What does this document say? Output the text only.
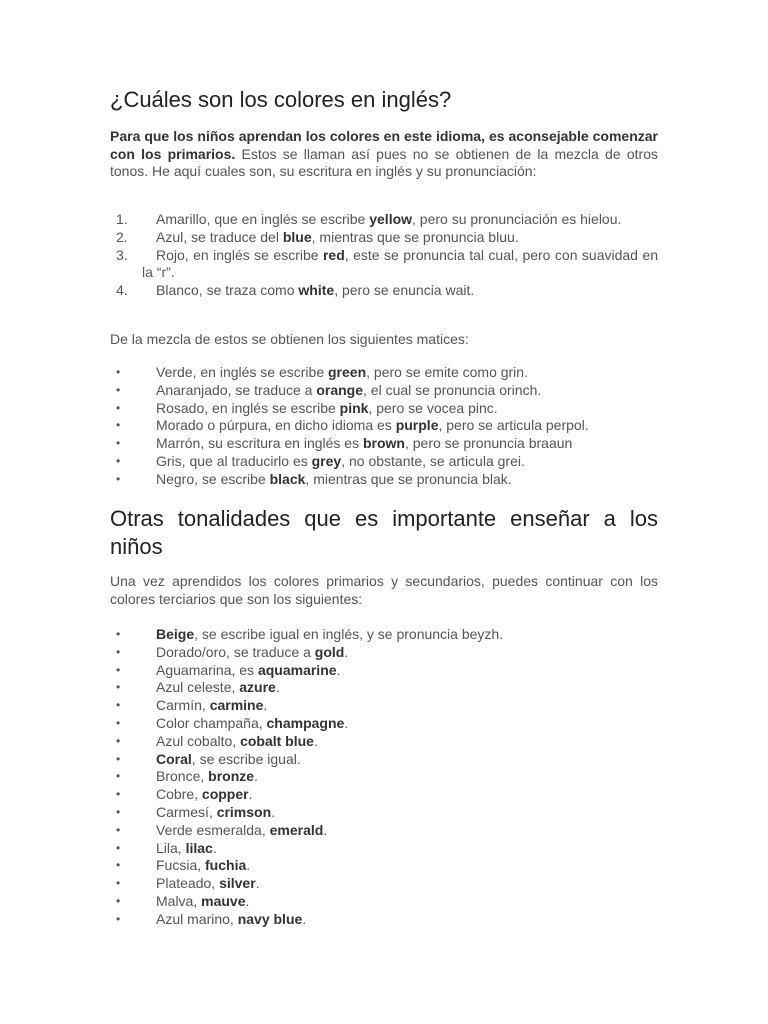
¿Cuáles son los colores en inglés?

Para que los niños aprendan los colores en este idioma, es aconsejable comenzar con los primarios. Estos se llaman así pues no se obtienen de la mezcla de otros tonos. He aquí cuales son, su escritura en inglés y su pronunciación:

1.	Amarillo, que en inglés se escribe yellow, pero su pronunciación es hielou.
2.	Azul, se traduce del blue, mientras que se pronuncia bluu.
3.	Rojo, en inglés se escribe red, este se pronuncia tal cual, pero con suavidad en la “r”.
4.	Blanco, se traza como white, pero se enuncia wait.

De la mezcla de estos se obtienen los siguientes matices:

•	Verde, en inglés se escribe green, pero se emite como grin.
•	Anaranjado, se traduce a orange, el cual se pronuncia orinch.
•	Rosado, en inglés se escribe pink, pero se vocea pinc.
•	Morado o púrpura, en dicho idioma es purple, pero se articula perpol.
•	Marrón, su escritura en inglés es brown, pero se pronuncia braaun
•	Gris, que al traducirlo es grey, no obstante, se articula grei.
•	Negro, se escribe black, mientras que se pronuncia blak.
Otras tonalidades que es importante enseñar a los niños

Una vez aprendidos los colores primarios y secundarios, puedes continuar con los colores terciarios que son los siguientes:

•	Beige, se escribe igual en inglés, y se pronuncia beyzh.
•	Dorado/oro, se traduce a gold.
•	Aguamarina, es aquamarine.
•	Azul celeste, azure.
•	Carmín, carmine.
•	Color champaña, champagne.
•	Azul cobalto, cobalt blue.
•	Coral, se escribe igual.
•	Bronce, bronze.
•	Cobre, copper.
•	Carmesí, crimson.
•	Verde esmeralda, emerald.
•	Lila, lilac.
•	Fucsia, fuchia.
•	Plateado, silver.
•	Malva, mauve.
•	Azul marino, navy blue.
